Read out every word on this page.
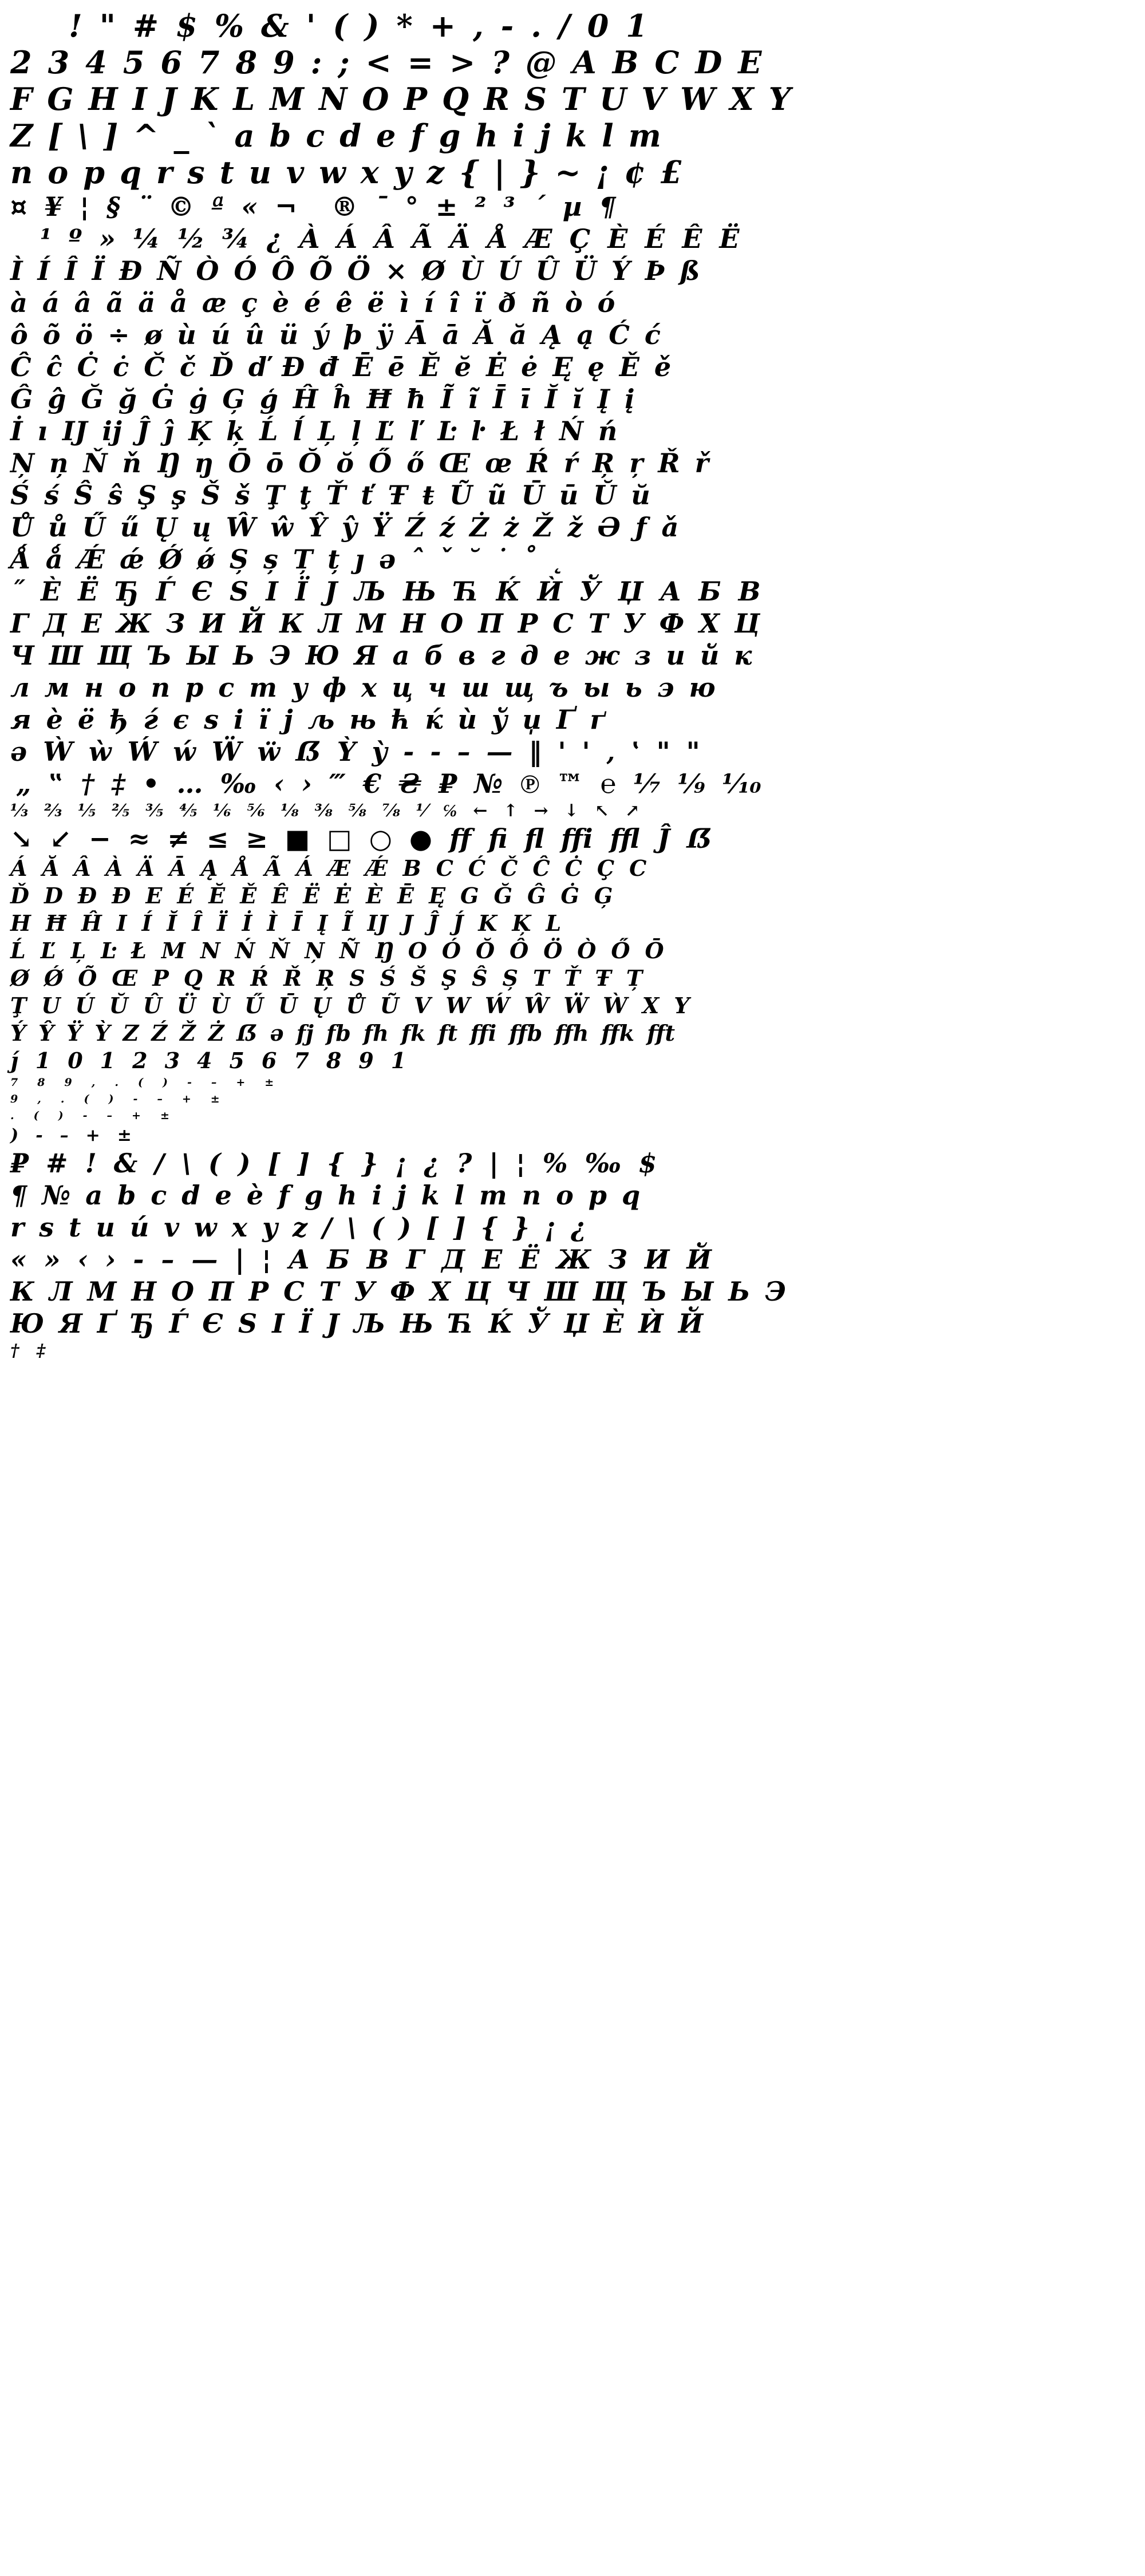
! " # $ % & ' ( ) * + , - . / 0 1
2 3 4 5 6 7 8 9 : ; < = > ? @ A B C D E
F G H I J K L M N O P Q R S T U V W X Y
Z [ \ ] ^ _ ` a b c d e f g h i j k l m
n o p q r s t u v w x y z { | } ~ ¡ ¢ £
¤ ¥ ¦ § ¨ © ª « ¬ ® ¯ ° ± ² ³ ´ µ ¶
¹ º » ¼ ½ ¾ ¿ À Á Â Ã Ä Å Æ Ç È É Ê Ë
Ì Í Î Ï Ð Ñ Ò Ó Ô Õ Ö × Ø Ù Ú Û Ü Ý Þ ß
à á â ã ä å æ ç è é ê ë ì í î ï ð ñ ò ó
ô õ ö ÷ ø ù ú û ü ý þ ÿ Ā ā Ă ă Ą ą Ć ć
Ĉ ĉ Ċ ċ Č č Ď ď Đ đ Ē ē Ĕ ĕ Ė ė Ę ę Ě ě
Ĝ ĝ Ğ ğ Ġ ġ Ģ ģ Ĥ ĥ Ħ ħ Ĩ ĩ Ī ī Ĭ ĭ Į į
İ ı Ĳ ĳ Ĵ ĵ Ķ ķ Ĺ ĺ Ļ ļ Ľ ľ Ŀ ŀ Ł ł Ń ń
Ņ ņ Ň ň Ŋ ŋ Ō ō Ŏ ŏ Ő ő Œ œ Ŕ ŕ Ŗ ŗ Ř ř
Ś ś Ŝ ŝ Ş ş Š š Ţ ţ Ť ť Ŧ ŧ Ũ ũ Ū ū Ŭ ŭ
Ů ů Ű ű Ų ų Ŵ ŵ Ŷ ŷ Ÿ Ź ź Ż ż Ž ž Ə ƒ ǎ
Ǻ ǻ Ǽ ǽ Ǿ ǿ Ș ș Ț ț ȷ ə ˆ ˇ ˘ ˙ ˚ ˛
˝ È Ё Ђ Ѓ Є Ѕ І Ї Ј Љ Њ Ћ Ќ Ѝ Ў Џ А Б В
Г Д Е Ж З И Й К Л М Н О П Р С Т У Ф Х Ц
Ч Ш Щ Ъ Ы Ь Э Ю Я а б в г д е ж з и й к
л м н о п р с т у ф х ц ч ш щ ъ ы ь э ю
я è ё ђ ѓ є ѕ і ї ј љ њ ћ ќ ѝ ў џ Ґ ґ
ə Ẁ ẁ Ẃ ẃ Ẅ ẅ ẞ Ỳ ỳ ‐ ‑ – — ‖ ' ' ‚ ‛ " "
„ ‟ † ‡ • … ‰ ‹ › ‴ € ₴ ₽ № ℗ ™ ℮ ⅐ ⅑ ⅒
⅓ ⅔ ⅕ ⅖ ⅗ ⅘ ⅙ ⅚ ⅛ ⅜ ⅝ ⅞ ⅟ ℅ ← ↑ → ↓ ↖ ↗
↘ ↙ − ≈ ≠ ≤ ≥ ■ □ ○ ● ff fi fl ffi ffl Ĵ ẞ
Á Ă Â À Ä Ā Ą Å Ã Á Æ Ǽ B C Ć Č Ĉ Ċ Ç C
Ď D Đ Đ E É Ĕ Ě Ê Ë Ė È Ē Ę G Ğ Ĝ Ġ Ģ
H Ħ Ĥ I Í Ĭ Î Ï İ Ì Ī Į Ĩ Ĳ J Ĵ J́ K Ķ L
Ĺ Ľ Ļ Ŀ Ł M N Ń Ň Ņ Ñ Ŋ O Ó Ŏ Ô Ö Ò Ő Ō
Ø Ǿ Õ Œ P Q R Ŕ Ř Ŗ S Ś Š Ş Ŝ Ș T Ť Ŧ Ț
Ţ U Ú Ŭ Û Ü Ù Ű Ū Ų Ů Ũ V W Ẃ Ŵ Ẅ Ẁ X Y
Ý Ŷ Ÿ Ỳ Z Ź Ž Ż ẞ ə fj fb fh fk ft ffi ffb ffh ffk fft
j́ 1 0 1 2 3 4 5 6 7 8 9 1
7 8 9 , . ( ) - – + ±
9 , . ( ) - – + ±
. ( ) - – + ±
) - – + ±
₽ # ! & / \ ( ) [ ] { } ¡ ¿ ? | ¦ % ‰ $
¶ № a b c d e è f g h i j k l m n o p q
r s t u ú v w x y z / \ ( ) [ ] { } ¡ ¿
« » ‹ › - – — | ¦ А Б В Г Д Е Ё Ж З И Й
К Л М Н О П Р С Т У Ф Х Ц Ч Ш Щ Ъ Ы Ь Э
Ю Я Ґ Ђ Ѓ Є Ѕ І Ї Ј Љ Њ Ћ Ќ Ў Џ È Ѝ Й
† ‡
